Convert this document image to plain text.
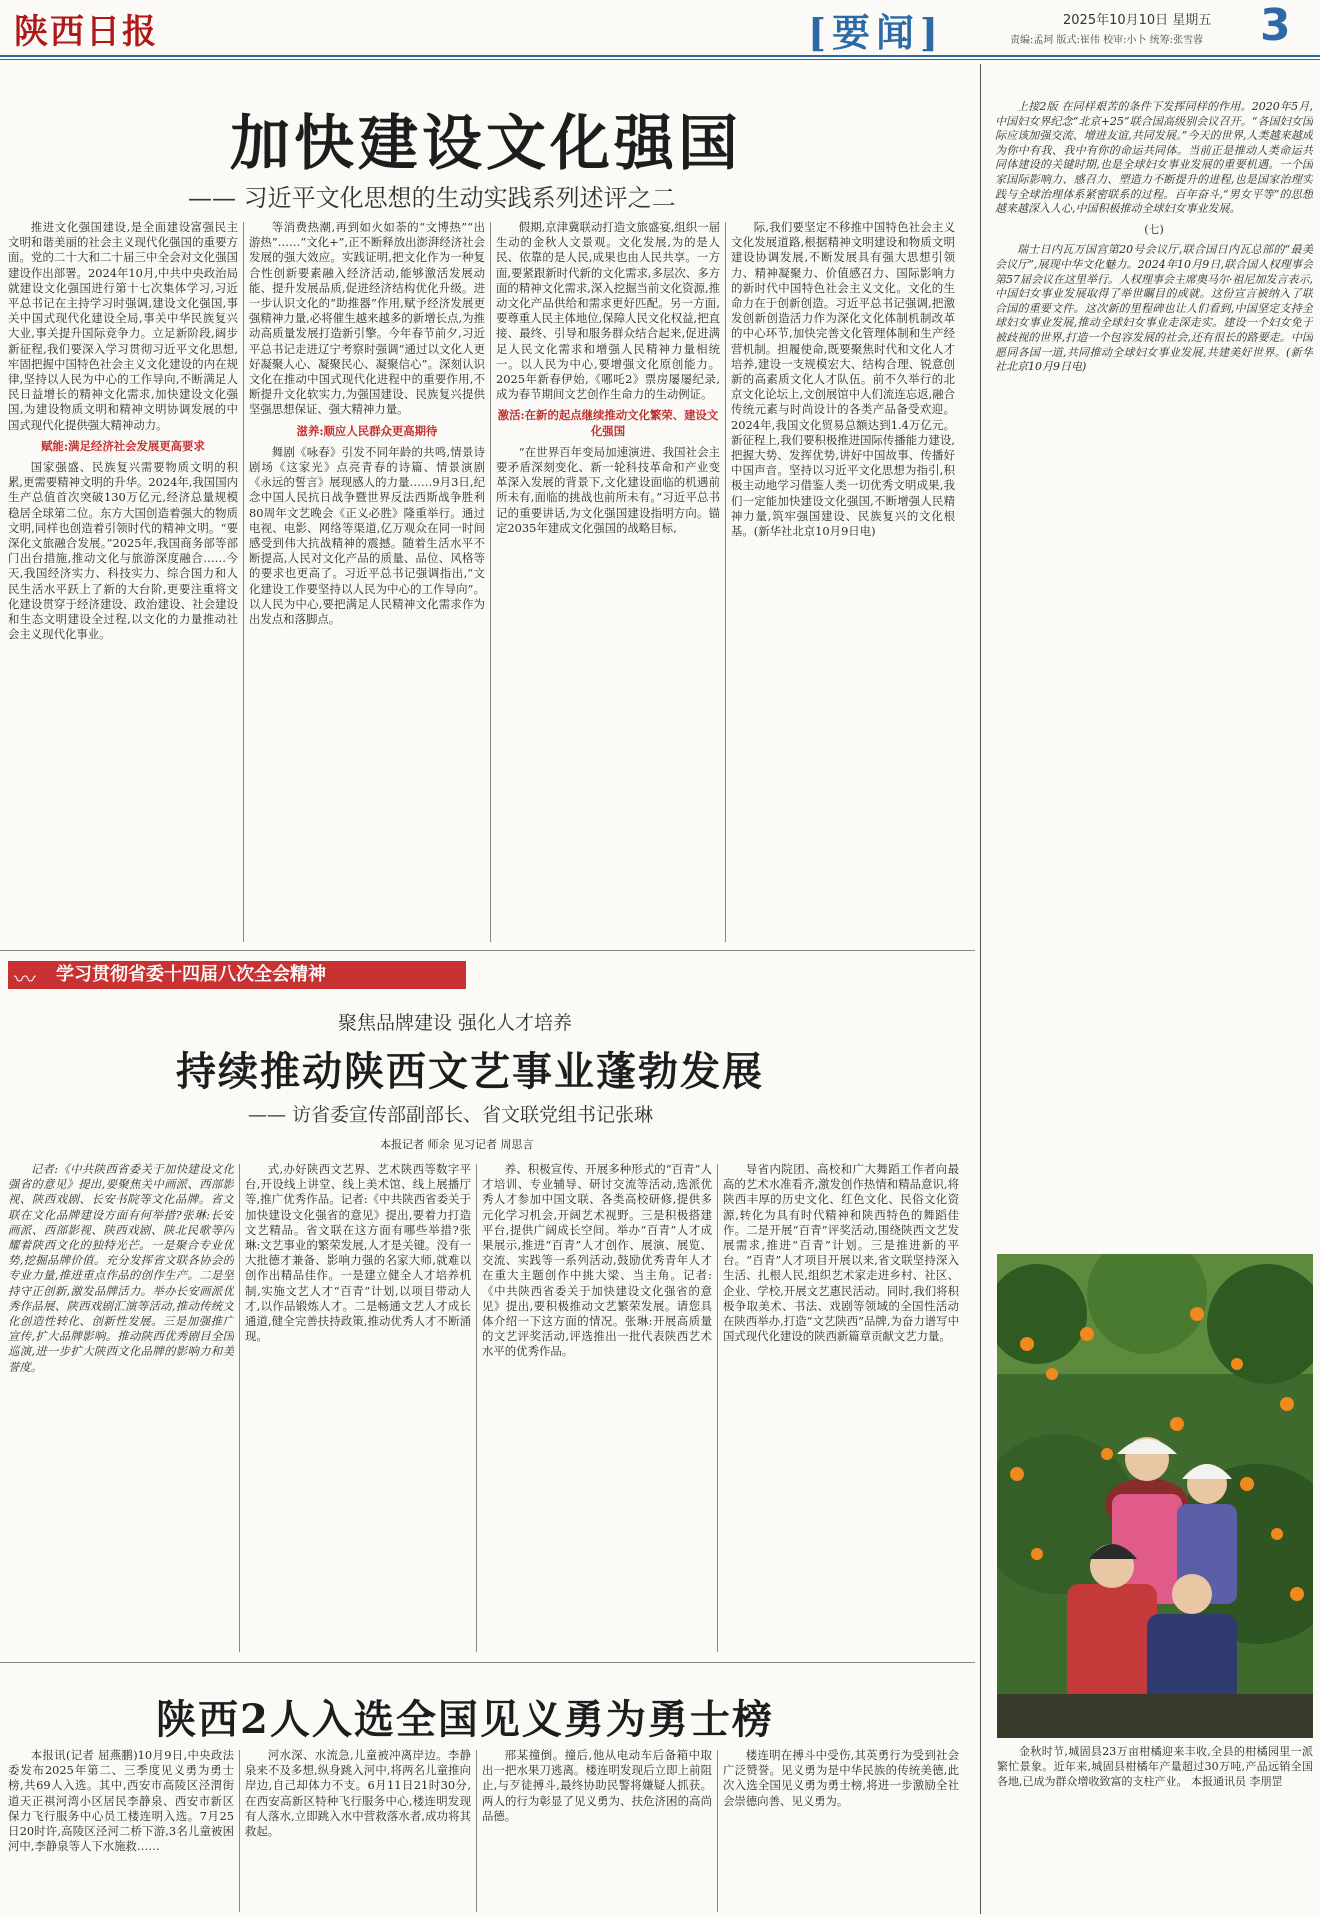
陕西日报	[要闻]	2025年10月10日 星期五
责编:孟珂 版式:崔伟 校审:小卜 统筹:张雪蓉 3
加快建设文化强国
—— 习近平文化思想的生动实践系列述评之二

推进文化强国建设,是全面建设富强民主文明和谐美丽的社会主义现代化强国的重要方面。党的二十大和二十届三中全会对文化强国建设作出部署。2024年10月,中共中央政治局就建设文化强国进行第十七次集体学习,习近平总书记在主持学习时强调,建设文化强国,事关中国式现代化建设全局,事关中华民族复兴大业,事关提升国际竞争力。立足新阶段,阔步新征程,我们要深入学习贯彻习近平文化思想,牢固把握中国特色社会主义文化建设的内在规律,坚持以人民为中心的工作导向,不断满足人民日益增长的精神文化需求,加快建设文化强国,为建设物质文明和精神文明协调发展的中国式现代化提供强大精神动力。

赋能:满足经济社会发展更高要求

国家强盛、民族复兴需要物质文明的积累,更需要精神文明的升华。2024年,我国国内生产总值首次突破130万亿元,经济总量规模稳居全球第二位。东方大国创造着强大的物质文明,同样也创造着引领时代的精神文明。“要深化文旅融合发展。”2025年,我国商务部等部门出台措施,推动文化与旅游深度融合……今天,我国经济实力、科技实力、综合国力和人民生活水平跃上了新的大台阶,更要注重将文化建设贯穿于经济建设、政治建设、社会建设和生态文明建设全过程,以文化的力量推动社会主义现代化事业。

等消费热潮,再到如火如荼的“文博热”“出游热”……“文化+”,正不断释放出澎湃经济社会发展的强大效应。实践证明,把文化作为一种复合性创新要素融入经济活动,能够激活发展动能、提升发展品质,促进经济结构优化升级。进一步认识文化的“助推器”作用,赋予经济发展更强精神力量,必将催生越来越多的新增长点,为推动高质量发展打造新引擎。今年春节前夕,习近平总书记走进辽宁考察时强调“通过以文化人更好凝聚人心、凝聚民心、凝聚信心”。深刻认识文化在推动中国式现代化进程中的重要作用,不断提升文化软实力,为强国建设、民族复兴提供坚强思想保证、强大精神力量。

滋养:顺应人民群众更高期待

舞剧《咏春》引发不同年龄的共鸣,情景诗剧场《这家光》点亮青春的诗篇、情景演剧《永远的誓言》展现感人的力量……9月3日,纪念中国人民抗日战争暨世界反法西斯战争胜利80周年文艺晚会《正义必胜》隆重举行。通过电视、电影、网络等渠道,亿万观众在同一时间感受到伟大抗战精神的震撼。随着生活水平不断提高,人民对文化产品的质量、品位、风格等的要求也更高了。习近平总书记强调指出,“文化建设工作要坚持以人民为中心的工作导向”。以人民为中心,要把满足人民精神文化需求作为出发点和落脚点。

假期,京津冀联动打造文旅盛宴,组织一届生动的金秋人文景观。文化发展,为的是人民、依靠的是人民,成果也由人民共享。一方面,要紧跟新时代新的文化需求,多层次、多方面的精神文化需求,深入挖掘当前文化资源,推动文化产品供给和需求更好匹配。另一方面,要尊重人民主体地位,保障人民文化权益,把直接、最终、引导和服务群众结合起来,促进满足人民文化需求和增强人民精神力量相统一。以人民为中心,要增强文化原创能力。2025年新春伊始,《哪吒2》票房屡屡纪录,成为春节期间文艺创作生命力的生动例证。

激活:在新的起点继续推动文化繁荣、建设文化强国

“在世界百年变局加速演进、我国社会主要矛盾深刻变化、新一轮科技革命和产业变革深入发展的背景下,文化建设面临的机遇前所未有,面临的挑战也前所未有。”习近平总书记的重要讲话,为文化强国建设指明方向。锚定2035年建成文化强国的战略目标,

际,我们要坚定不移推中国特色社会主义文化发展道路,根据精神文明建设和物质文明建设协调发展,不断发展具有强大思想引领力、精神凝聚力、价值感召力、国际影响力的新时代中国特色社会主义文化。文化的生命力在于创新创造。习近平总书记强调,把激发创新创造活力作为深化文化体制机制改革的中心环节,加快完善文化管理体制和生产经营机制。担履使命,既要聚焦时代和文化人才培养,建设一支规模宏大、结构合理、锐意创新的高素质文化人才队伍。前不久举行的北京文化论坛上,文创展馆中人们流连忘返,融合传统元素与时尚设计的各类产品备受欢迎。2024年,我国文化贸易总额达到1.4万亿元。新征程上,我们要积极推进国际传播能力建设,把握大势、发挥优势,讲好中国故事、传播好中国声音。坚持以习近平文化思想为指引,积极主动地学习借鉴人类一切优秀文明成果,我们一定能加快建设文化强国,不断增强人民精神力量,筑牢强国建设、民族复兴的文化根基。(新华社北京10月9日电)

学习贯彻省委十四届八次全会精神
〰
聚焦品牌建设 强化人才培养
持续推动陕西文艺事业蓬勃发展
—— 访省委宣传部副部长、省文联党组书记张琳
本报记者 师余 见习记者 周思言

记者:《中共陕西省委关于加快建设文化强省的意见》提出,要聚焦关中画派、西部影视、陕西戏剧、长安书院等文化品牌。省文联在文化品牌建设方面有何举措?张琳:长安画派、西部影视、陕西戏剧、陕北民歌等闪耀着陕西文化的独特光芒。一是聚合专业优势,挖掘品牌价值。充分发挥省文联各协会的专业力量,推进重点作品的创作生产。二是坚持守正创新,激发品牌活力。举办长安画派优秀作品展、陕西戏剧汇演等活动,推动传统文化创造性转化、创新性发展。三是加强推广宣传,扩大品牌影响。推动陕西优秀剧目全国巡演,进一步扩大陕西文化品牌的影响力和美誉度。

式,办好陕西文艺界、艺术陕西等数字平台,开设线上讲堂、线上美术馆、线上展播厅等,推广优秀作品。记者:《中共陕西省委关于加快建设文化强省的意见》提出,要着力打造文艺精品。省文联在这方面有哪些举措?张琳:文艺事业的繁荣发展,人才是关键。没有一大批德才兼备、影响力强的名家大师,就难以创作出精品佳作。一是建立健全人才培养机制,实施文艺人才“百青”计划,以项目带动人才,以作品锻炼人才。二是畅通文艺人才成长通道,健全完善扶持政策,推动优秀人才不断涌现。

养、积极宣传、开展多种形式的“百青”人才培训、专业辅导、研讨交流等活动,选派优秀人才参加中国文联、各类高校研修,提供多元化学习机会,开阔艺术视野。三是积极搭建平台,提供广阔成长空间。举办“百青”人才成果展示,推进“百青”人才创作、展演、展览、交流、实践等一系列活动,鼓励优秀青年人才在重大主题创作中挑大梁、当主角。记者:《中共陕西省委关于加快建设文化强省的意见》提出,要积极推动文艺繁荣发展。请您具体介绍一下这方面的情况。张琳:开展高质量的文艺评奖活动,评选推出一批代表陕西艺术水平的优秀作品。

导省内院团、高校和广大舞蹈工作者向最高的艺术水准看齐,激发创作热情和精品意识,将陕西丰厚的历史文化、红色文化、民俗文化资源,转化为具有时代精神和陕西特色的舞蹈佳作。二是开展“百青”评奖活动,围绕陕西文艺发展需求,推进“百青”计划。三是推进新的平台。“百青”人才项目开展以来,省文联坚持深入生活、扎根人民,组织艺术家走进乡村、社区、企业、学校,开展文艺惠民活动。同时,我们将积极争取美术、书法、戏剧等领域的全国性活动在陕西举办,打造“文艺陕西”品牌,为奋力谱写中国式现代化建设的陕西新篇章贡献文艺力量。

陕西2人入选全国见义勇为勇士榜

本报讯(记者 屈燕鹏)10月9日,中央政法委发布2025年第二、三季度见义勇为勇士榜,共69人入选。其中,西安市高陵区泾渭街道天正祺河湾小区居民李静泉、西安市新区保力飞行服务中心员工楼连明入选。7月25日20时许,高陵区泾河二桥下游,3名儿童被困河中,李静泉等人下水施救……

河水深、水流急,儿童被冲离岸边。李静泉来不及多想,纵身跳入河中,将两名儿童推向岸边,自己却体力不支。6月11日21时30分,在西安高新区特种飞行服务中心,楼连明发现有人落水,立即跳入水中营救落水者,成功将其救起。

邢某撞倒。撞后,他从电动车后备箱中取出一把水果刀逃离。楼连明发现后立即上前阻止,与歹徒搏斗,最终协助民警将嫌疑人抓获。两人的行为彰显了见义勇为、扶危济困的高尚品德。

楼连明在搏斗中受伤,其英勇行为受到社会广泛赞誉。见义勇为是中华民族的传统美德,此次入选全国见义勇为勇士榜,将进一步激励全社会崇德向善、见义勇为。

上接2版 在同样艰苦的条件下发挥同样的作用。2020年5月,中国妇女界纪念“北京+25”联合国高级别会议召开。“各国妇女国际应该加强交流、增进友谊,共同发展。”今天的世界,人类越来越成为你中有我、我中有你的命运共同体。当前正是推动人类命运共同体建设的关键时期,也是全球妇女事业发展的重要机遇。一个国家国际影响力、感召力、塑造力不断提升的进程,也是国家治理实践与全球治理体系紧密联系的过程。百年奋斗,“男女平等”的思想越来越深入人心,中国积极推动全球妇女事业发展。

(七)

瑞士日内瓦万国宫第20号会议厅,联合国日内瓦总部的“最美会议厅”,展现中华文化魅力。2024年10月9日,联合国人权理事会第57届会议在这里举行。人权理事会主席奥马尔·祖尼加发言表示,中国妇女事业发展取得了举世瞩目的成就。这份宣言被纳入了联合国的重要文件。这次新的里程碑也让人们看到,中国坚定支持全球妇女事业发展,推动全球妇女事业走深走实。建设一个妇女免于被歧视的世界,打造一个包容发展的社会,还有很长的路要走。中国愿同各国一道,共同推动全球妇女事业发展,共建美好世界。(新华社北京10月9日电)

金秋时节,城固县23万亩柑橘迎来丰收,全县的柑橘园里一派繁忙景象。近年来,城固县柑橘年产量超过30万吨,产品远销全国各地,已成为群众增收致富的支柱产业。 本报通讯员 李朋罡
